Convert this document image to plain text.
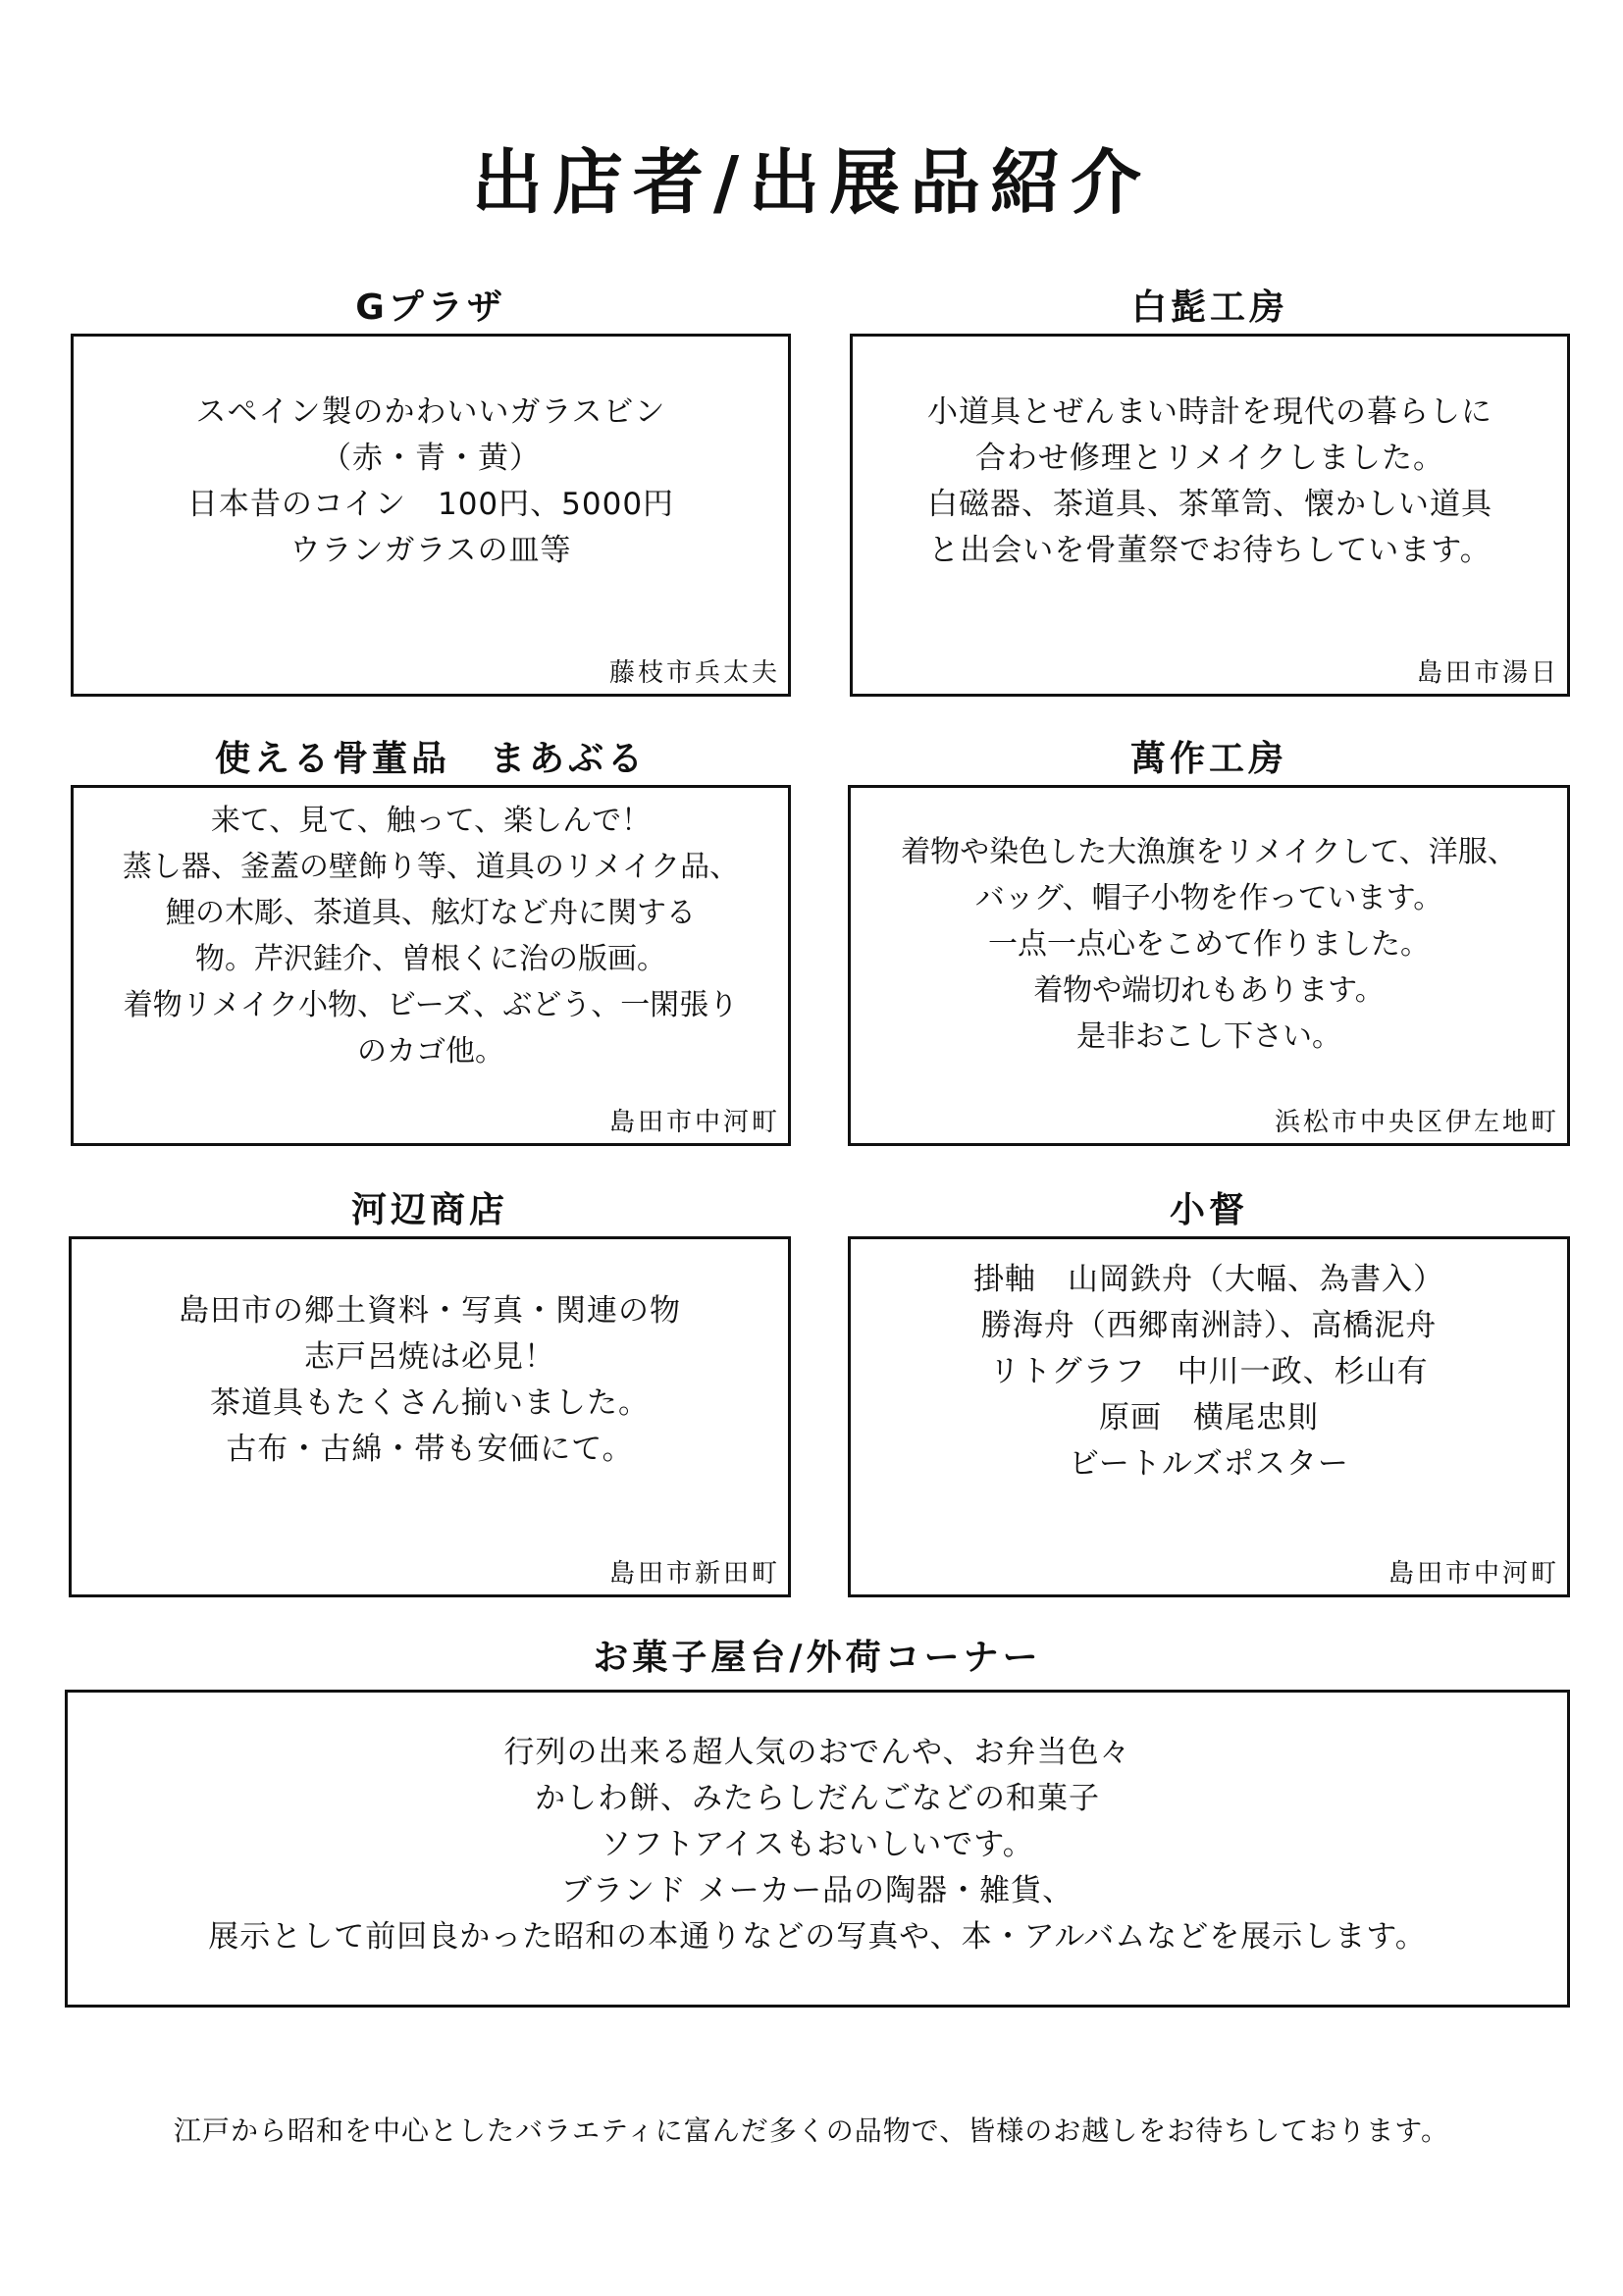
出店者/出展品紹介
Gプラザ
スペイン製のかわいいガラスビン
（赤・青・黄）
日本昔のコイン　100円、5000円
ウランガラスの皿等
藤枝市兵太夫
白髭工房
小道具とぜんまい時計を現代の暮らしに
合わせ修理とリメイクしました。
白磁器、茶道具、茶箪笥、懐かしい道具
と出会いを骨董祭でお待ちしています。
島田市湯日
使える骨董品　まあぶる
来て、見て、触って、楽しんで！
蒸し器、釜蓋の壁飾り等、道具のリメイク品、
鯉の木彫、茶道具、舷灯など舟に関する
物。芹沢銈介、曽根くに治の版画。
着物リメイク小物、ビーズ、ぶどう、一閑張り
のカゴ他。
島田市中河町
萬作工房
着物や染色した大漁旗をリメイクして、洋服、
バッグ、帽子小物を作っています。
一点一点心をこめて作りました。
着物や端切れもあります。
是非おこし下さい。
浜松市中央区伊左地町
河辺商店
島田市の郷土資料・写真・関連の物
志戸呂焼は必見！
茶道具もたくさん揃いました。
古布・古綿・帯も安価にて。
島田市新田町
小督
掛軸　山岡鉄舟（大幅、為書入）
勝海舟（西郷南洲詩）、高橋泥舟
リトグラフ　中川一政、杉山有
原画　横尾忠則
ビートルズポスター
島田市中河町
お菓子屋台/外荷コーナー
行列の出来る超人気のおでんや、お弁当色々
かしわ餅、みたらしだんごなどの和菓子
ソフトアイスもおいしいです。
ブランド メーカー品の陶器・雑貨、
展示として前回良かった昭和の本通りなどの写真や、本・アルバムなどを展示します。
江戸から昭和を中心としたバラエティに富んだ多くの品物で、皆様のお越しをお待ちしております。
